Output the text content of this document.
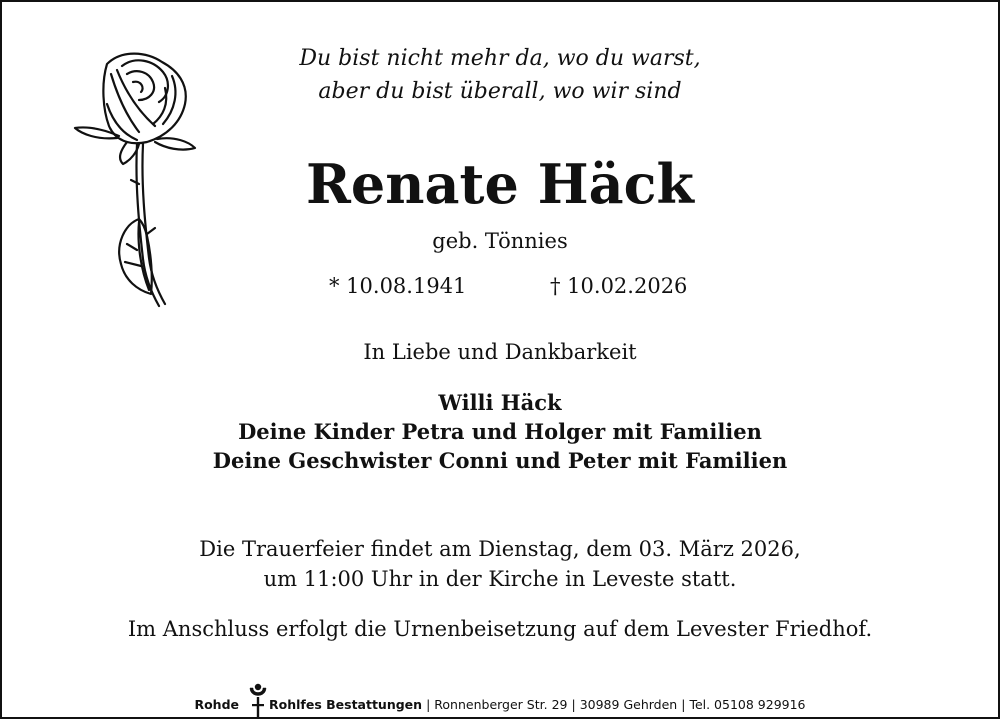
Du bist nicht mehr da, wo du warst,
aber du bist überall, wo wir sind
Renate Häck
geb. Tönnies
* 10.08.1941	† 10.02.2026
In Liebe und Dankbarkeit
Willi Häck
Deine Kinder Petra und Holger mit Familien
Deine Geschwister Conni und Peter mit Familien
Die Trauerfeier findet am Dienstag, dem 03. März 2026,
um 11:00 Uhr in der Kirche in Leveste statt.
Im Anschluss erfolgt die Urnenbeisetzung auf dem Levester Friedhof.
Rohde Rohlfes Bestattungen | Ronnenberger Str. 29 | 30989 Gehrden | Tel. 05108 929916
